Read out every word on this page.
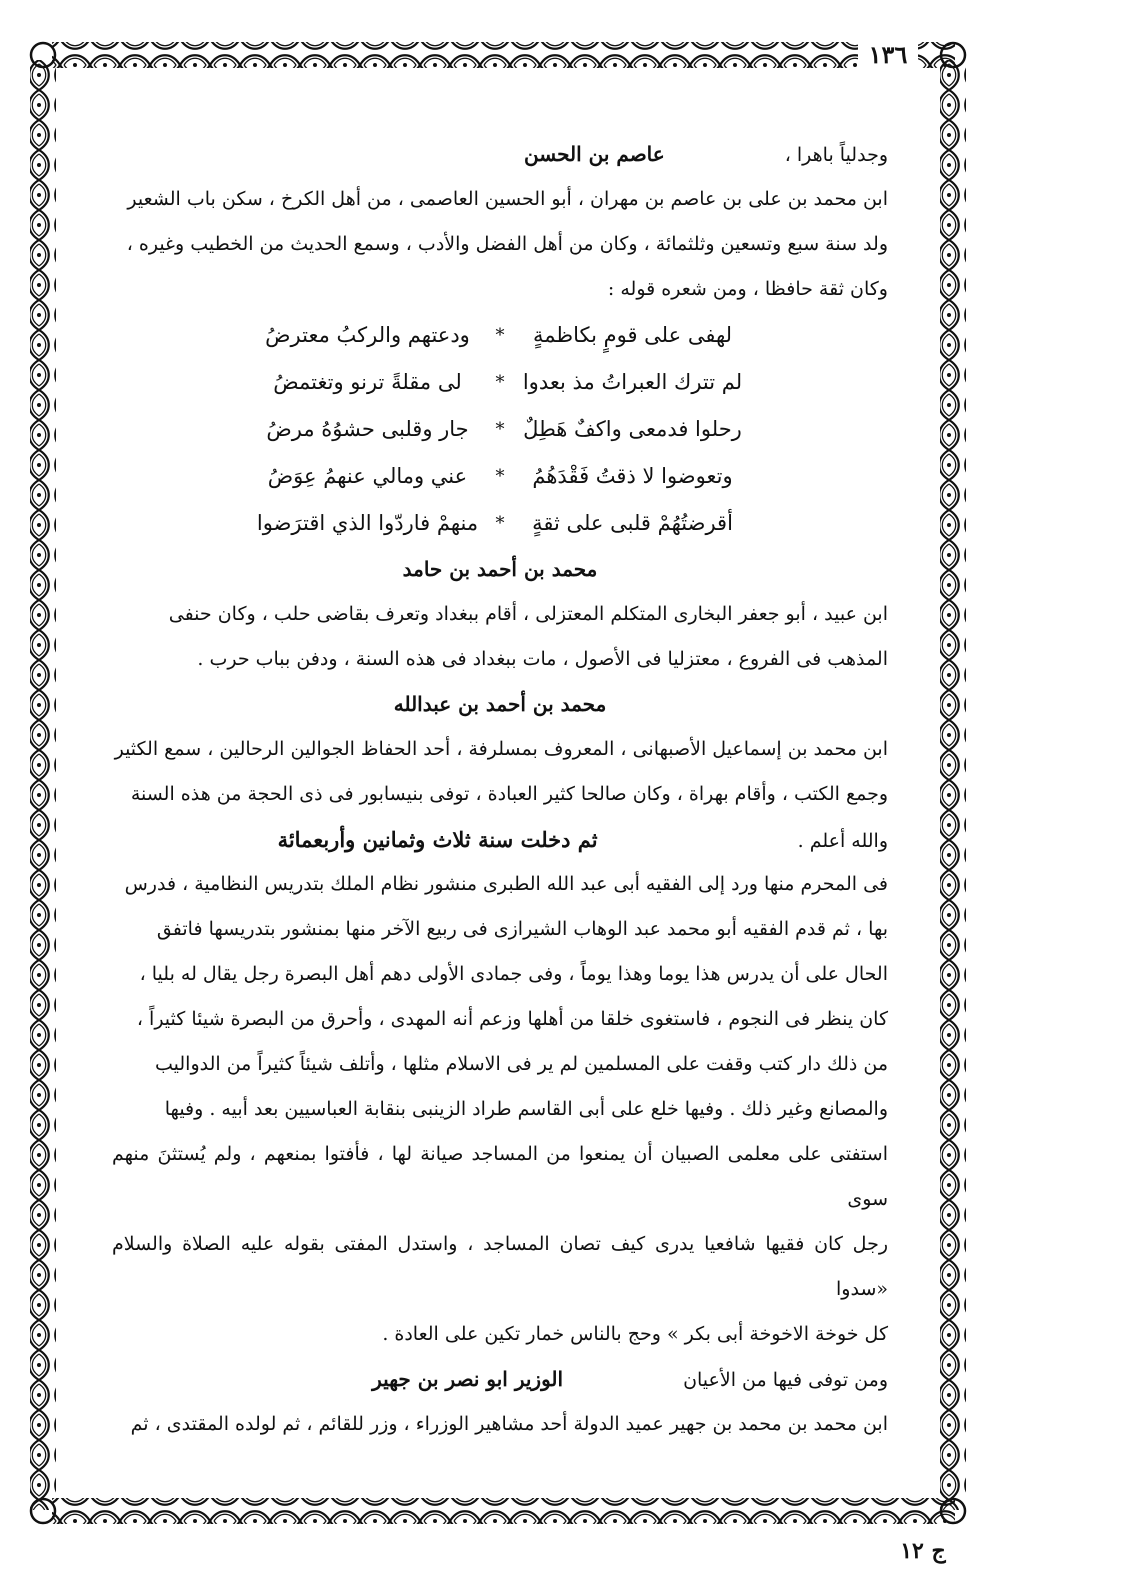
١٣٦
ج ١٢
وجدلياً باهرا ،
عاصم بن الحسن

ابن محمد بن على بن عاصم بن مهران ، أبو الحسين العاصمى ، من أهل الكرخ ، سكن باب الشعير

ولد سنة سبع وتسعين وثلثمائة ، وكان من أهل الفضل والأدب ، وسمع الحديث من الخطيب وغيره ،

وكان ثقة حافظا ، ومن شعره قوله :

لهفى على قومٍ بكاظمةٍ
*
ودعتهم والركبُ معترضُ
لم تترك العبراتُ مذ بعدوا
*
لى مقلةً ترنو وتغتمضُ
رحلوا فدمعى واكفٌ هَطِلٌ
*
جار وقلبى حشوُهُ مرضُ
وتعوضوا لا ذقتُ فَقْدَهُمُ
*
عني ومالي عنهمُ عِوَضُ
أقرضتُهُمْ قلبى على ثقةٍ
*
منهمْ فاردّوا الذي اقترَضوا
محمد بن أحمد بن حامد

ابن عبيد ، أبو جعفر البخارى المتكلم المعتزلى ، أقام ببغداد وتعرف بقاضى حلب ، وكان حنفى

المذهب فى الفروع ، معتزليا فى الأصول ، مات ببغداد فى هذه السنة ، ودفن بباب حرب .

محمد بن أحمد بن عبدالله

ابن محمد بن إسماعيل الأصبهانى ، المعروف بمسلرفة ، أحد الحفاظ الجوالين الرحالين ، سمع الكثير

وجمع الكتب ، وأقام بهراة ، وكان صالحا كثير العبادة ، توفى بنيسابور فى ذى الحجة من هذه السنة

والله أعلم .
ثم دخلت سنة ثلاث وثمانين وأربعمائة

فى المحرم منها ورد إلى الفقيه أبى عبد الله الطبرى منشور نظام الملك بتدريس النظامية ، فدرس

بها ، ثم قدم الفقيه أبو محمد عبد الوهاب الشيرازى فى ربيع الآخر منها بمنشور بتدريسها فاتفق

الحال على أن يدرس هذا يوما وهذا يوماً ، وفى جمادى الأولى دهم أهل البصرة رجل يقال له بليا ،

كان ينظر فى النجوم ، فاستغوى خلقا من أهلها وزعم أنه المهدى ، وأحرق من البصرة شيئا كثيراً ،

من ذلك دار كتب وقفت على المسلمين لم ير فى الاسلام مثلها ، وأتلف شيئاً كثيراً من الدواليب

والمصانع وغير ذلك . وفيها خلع على أبى القاسم طراد الزينبى بنقابة العباسيين بعد أبيه . وفيها

استفتى على معلمى الصبيان أن يمنعوا من المساجد صيانة لها ، فأفتوا بمنعهم ، ولم يُستثنَ منهم سوى

رجل كان فقيها شافعيا يدرى كيف تصان المساجد ، واستدل المفتى بقوله عليه الصلاة والسلام «سدوا

كل خوخة الاخوخة أبى بكر » وحج بالناس خمار تكين على العادة .

ومن توفى فيها من الأعيان
الوزير ابو نصر بن جهير

ابن محمد بن محمد بن جهير عميد الدولة أحد مشاهير الوزراء ، وزر للقائم ، ثم لولده المقتدى ، ثم
